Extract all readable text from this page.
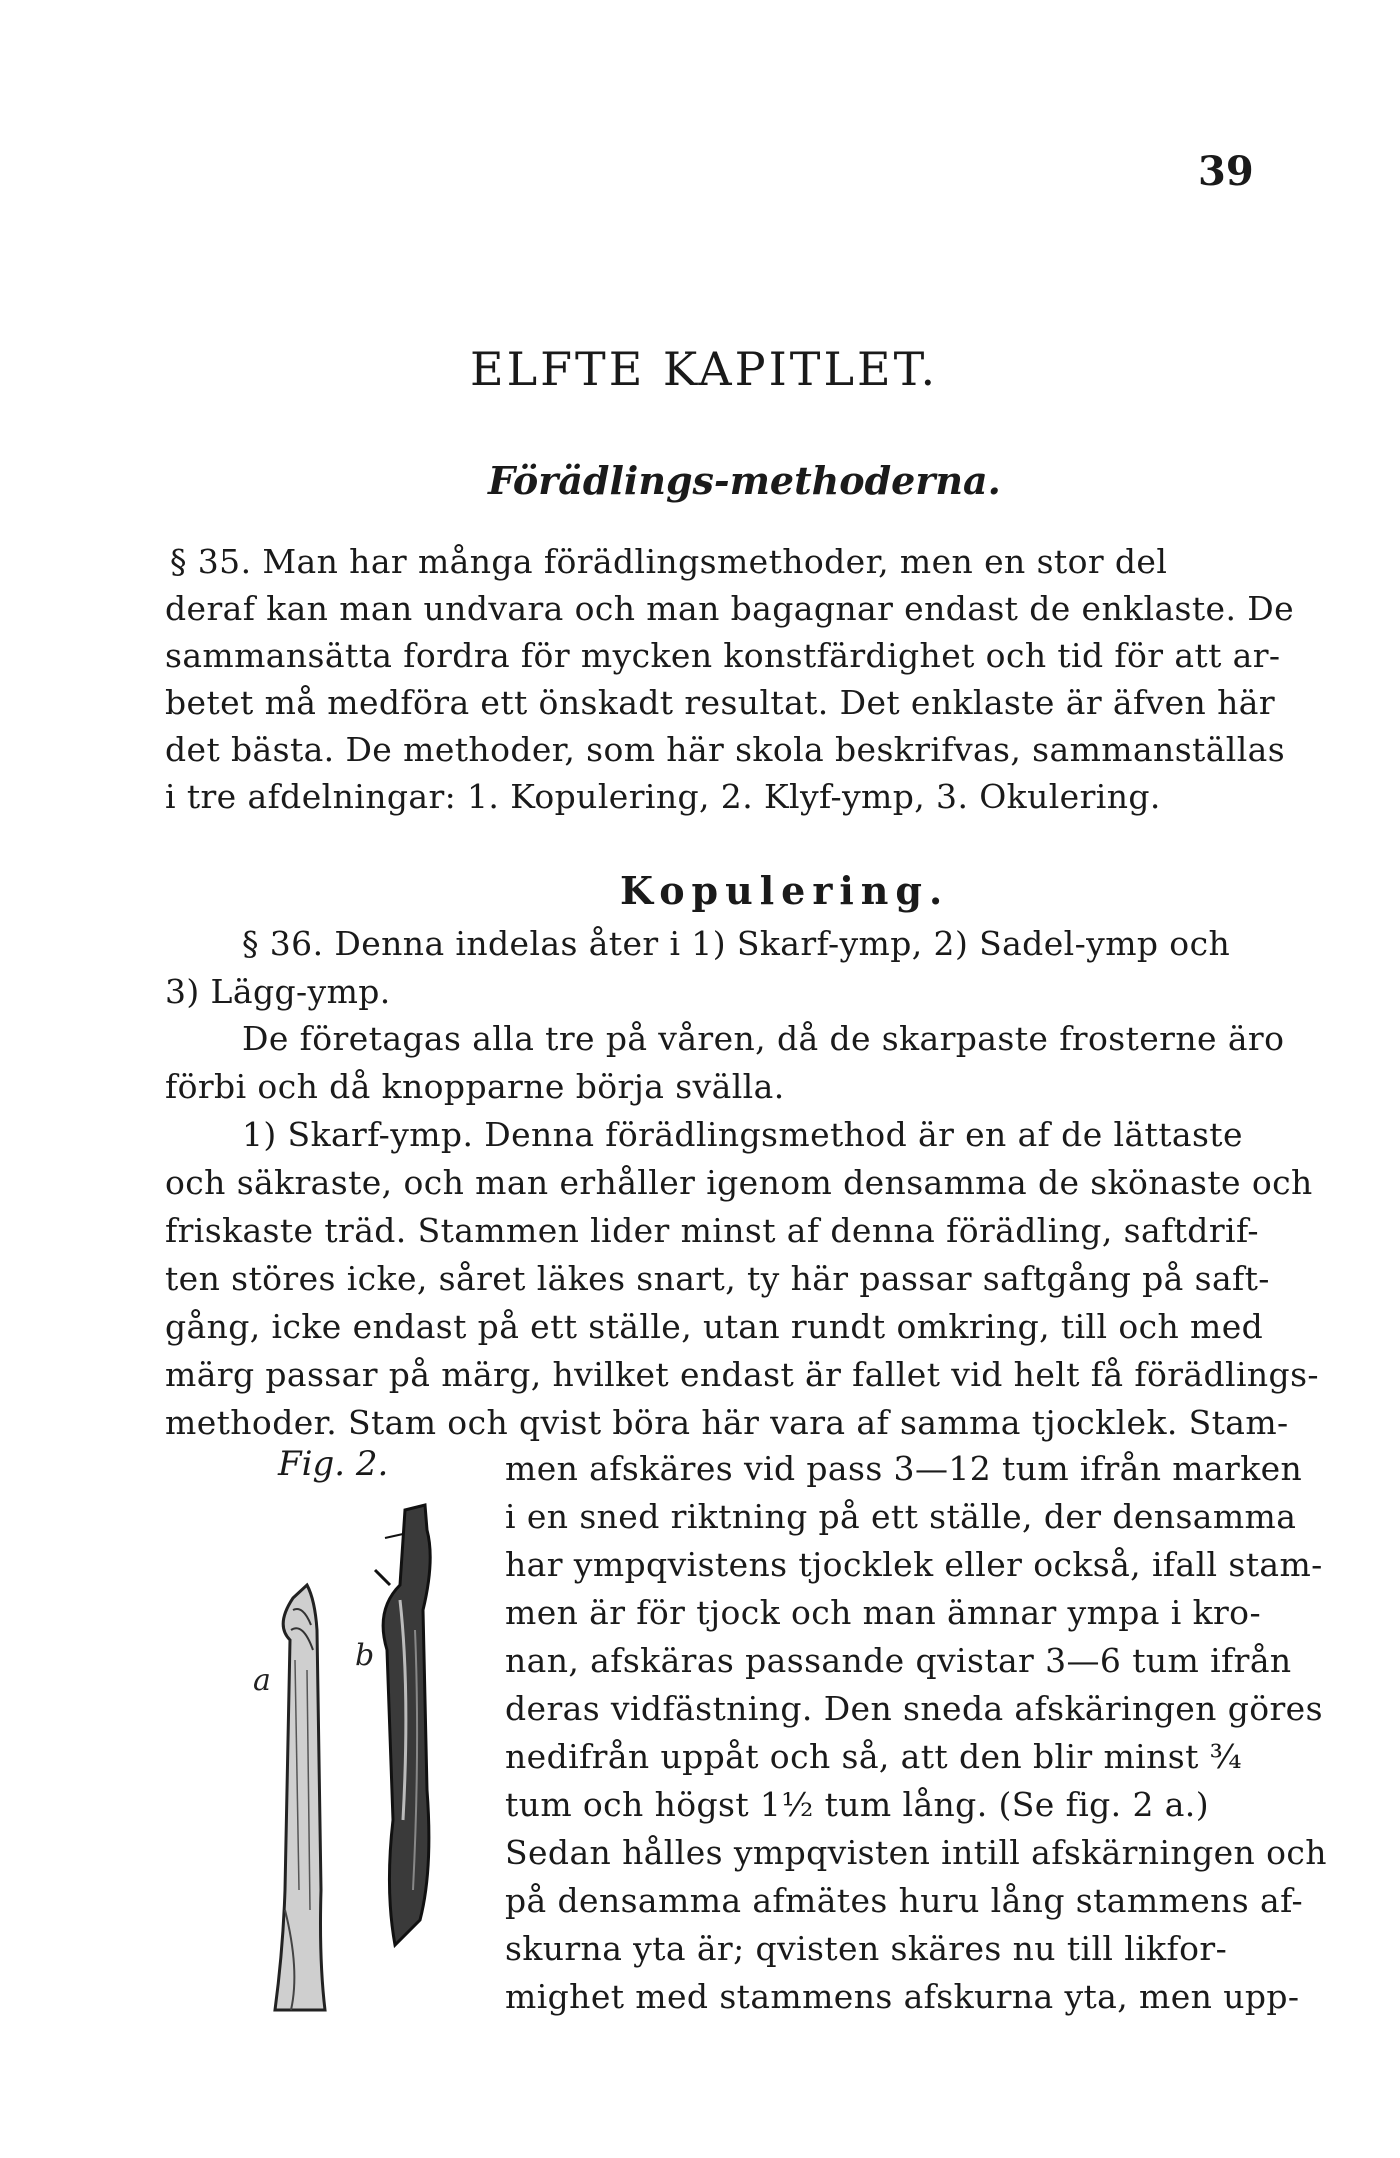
39
ELFTE KAPITLET.
Förädlings-methoderna.
§ 35. Man har många förädlingsmethoder, men en stor del
deraf kan man undvara och man bagagnar endast de enklaste. De
sammansätta fordra för mycken konstfärdighet och tid för att ar-
betet må medföra ett önskadt resultat. Det enklaste är äfven här
det bästa. De methoder, som här skola beskrifvas, sammanställas
i tre afdelningar: 1. Kopulering, 2. Klyf-ymp, 3. Okulering.
Kopulering.
§ 36. Denna indelas åter i 1) Skarf-ymp, 2) Sadel-ymp och
3) Lägg-ymp.
De företagas alla tre på våren, då de skarpaste frosterne äro
förbi och då knopparne börja svälla.
1) Skarf-ymp. Denna förädlingsmethod är en af de lättaste
och säkraste, och man erhåller igenom densamma de skönaste och
friskaste träd. Stammen lider minst af denna förädling, saftdrif-
ten störes icke, såret läkes snart, ty här passar saftgång på saft-
gång, icke endast på ett ställe, utan rundt omkring, till och med
märg passar på märg, hvilket endast är fallet vid helt få förädlings-
methoder. Stam och qvist böra här vara af samma tjocklek. Stam-
men afskäres vid pass 3—12 tum ifrån marken
i en sned riktning på ett ställe, der densamma
har ympqvistens tjocklek eller också, ifall stam-
men är för tjock och man ämnar ympa i kro-
nan, afskäras passande qvistar 3—6 tum ifrån
deras vidfästning. Den sneda afskäringen göres
nedifrån uppåt och så, att den blir minst ¾
tum och högst 1½ tum lång. (Se fig. 2 a.)
Sedan hålles ympqvisten intill afskärningen och
på densamma afmätes huru lång stammens af-
skurna yta är; qvisten skäres nu till likfor-
mighet med stammens afskurna yta, men upp-
Fig. 2.
a
b
